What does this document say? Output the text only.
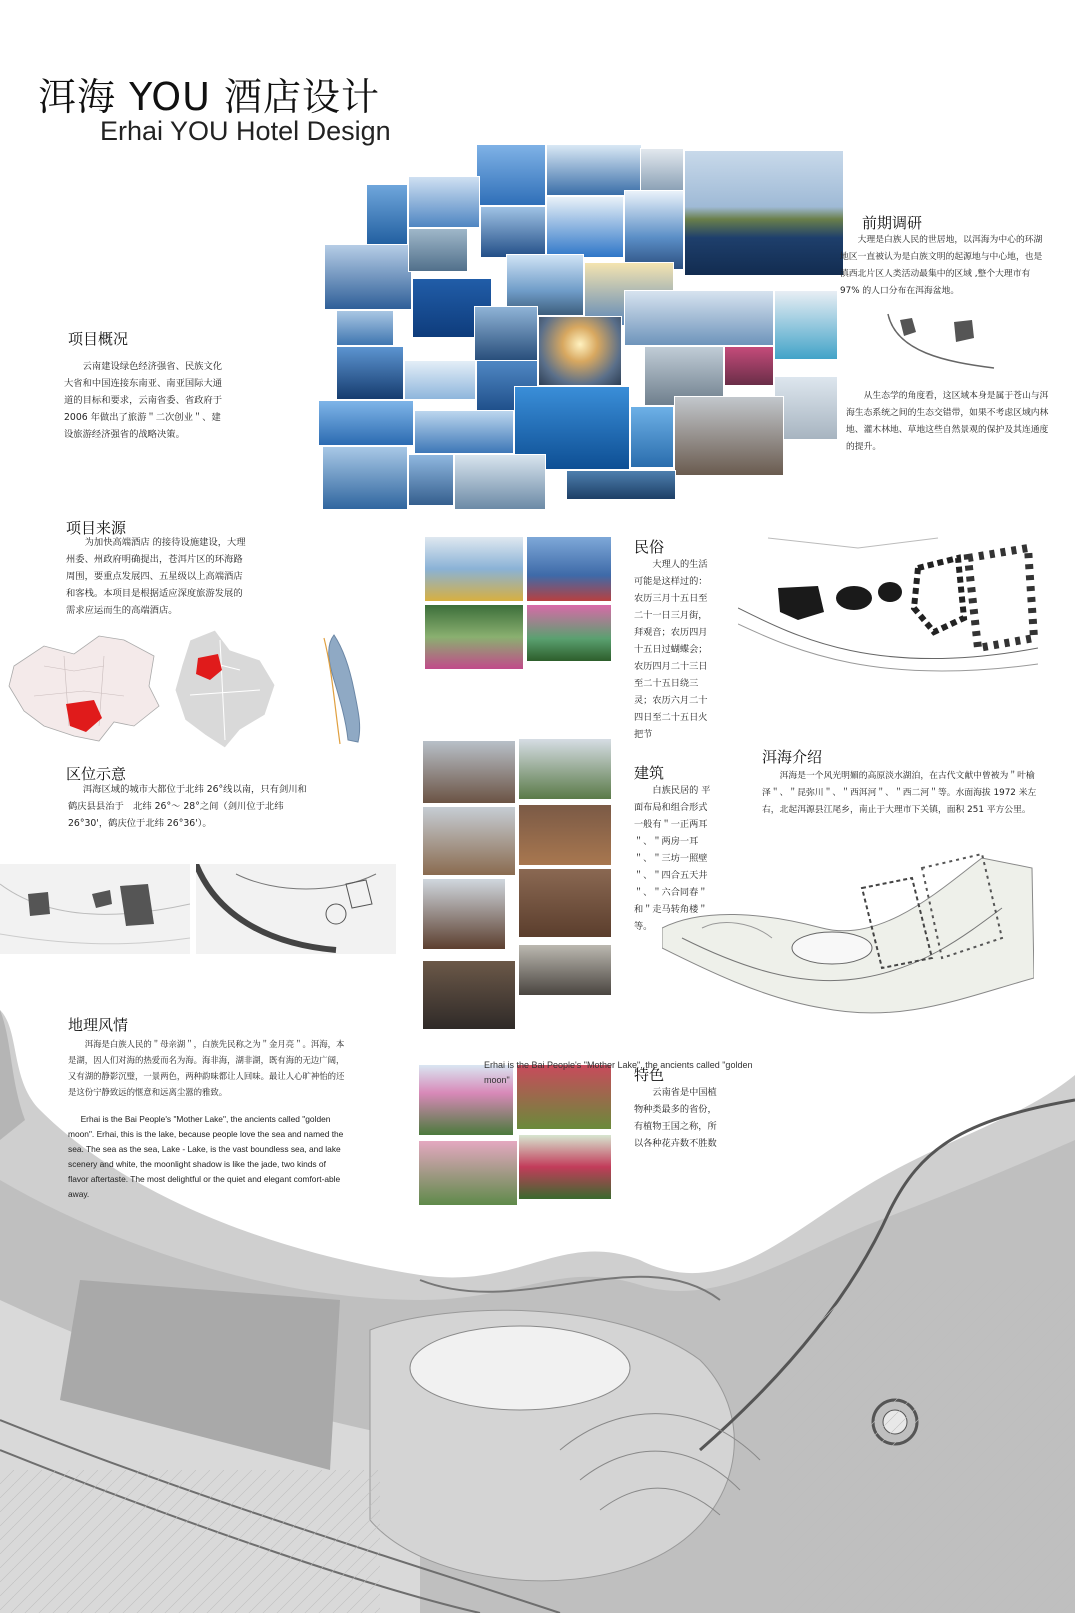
洱海 YOU 酒店设计
Erhai YOU Hotel Design
项目概况
云南建设绿色经济强省、民族文化大省和中国连接东南亚、南亚国际大通道的目标和要求，云南省委、省政府于 2006 年做出了旅游＂二次创业＂、建设旅游经济强省的战略决策。
项目来源
为加快高端酒店 的接待设施建设，大理州委、州政府明确提出，苍洱片区的环海路周围，要重点发展四、五星级以上高端酒店和客栈。本项目是根据适应深度旅游发展的需求应运而生的高端酒店。
区位示意
洱海区域的城市大都位于北纬 26°线以南，只有剑川和鹤庆县县治于　北纬 26°～ 28°之间（剑川位于北纬 26°30'，鹤庆位于北纬 26°36'）。
地理风情
洱海是白族人民的＂母亲湖＂，白族先民称之为＂金月亮＂。洱海，本是湖，因人们对海的热爱而名为海。海非海，湖非湖，既有海的无边广阔，又有湖的静影沉璧，一景两色，两种韵味都让人回味。最让人心旷神怡的还是这份宁静致远的惬意和远离尘嚣的雅致。
Erhai is the Bai People's "Mother Lake", the ancients called "golden moon". Erhai, this is the lake, because people love the sea and named the sea. The sea as the sea, Lake - Lake, is the vast boundless sea, and lake scenery and white, the moonlight shadow is like the jade, two kinds of flavor aftertaste. The most delightful or the quiet and elegant comfort-able away.
前期调研
大理是白族人民的世居地，以洱海为中心的环湖地区一直被认为是白族文明的起源地与中心地，也是滇西北片区人类活动最集中的区域 ,整个大理市有 97% 的人口分布在洱海盆地。
从生态学的角度看，这区域本身是属于苍山与洱海生态系统之间的生态交错带，如果不考虑区域内林地、灌木林地、草地这些自然景观的保护及其连通度的提升。
民俗
大理人的生活可能是这样过的：农历三月十五日至二十一日三月街，拜观音；农历四月十五日过蝴蝶会；农历四月二十三日至二十五日绕三灵；农历六月二十四日至二十五日火把节
建筑
白族民居的 平面布局和组合形式一般有＂一正两耳＂、＂两房一耳＂、＂三坊一照壁＂、＂四合五天井＂、＂六合同春＂和＂走马转角楼＂等。
洱海介绍
洱海是一个风光明媚的高原淡水湖泊，在古代文献中曾被为＂叶榆泽＂、＂昆弥川＂、＂西洱河＂、＂西二河＂等。水面海拔 1972 米左右，北起洱源县江尾乡，南止于大理市下关镇，面积 251 平方公里。
Erhai is the Bai People's "Mother Lake", the ancients called "golden moon"	特色
云南省是中国植物种类最多的省份，有植物王国之称，所以各种花卉数不胜数
